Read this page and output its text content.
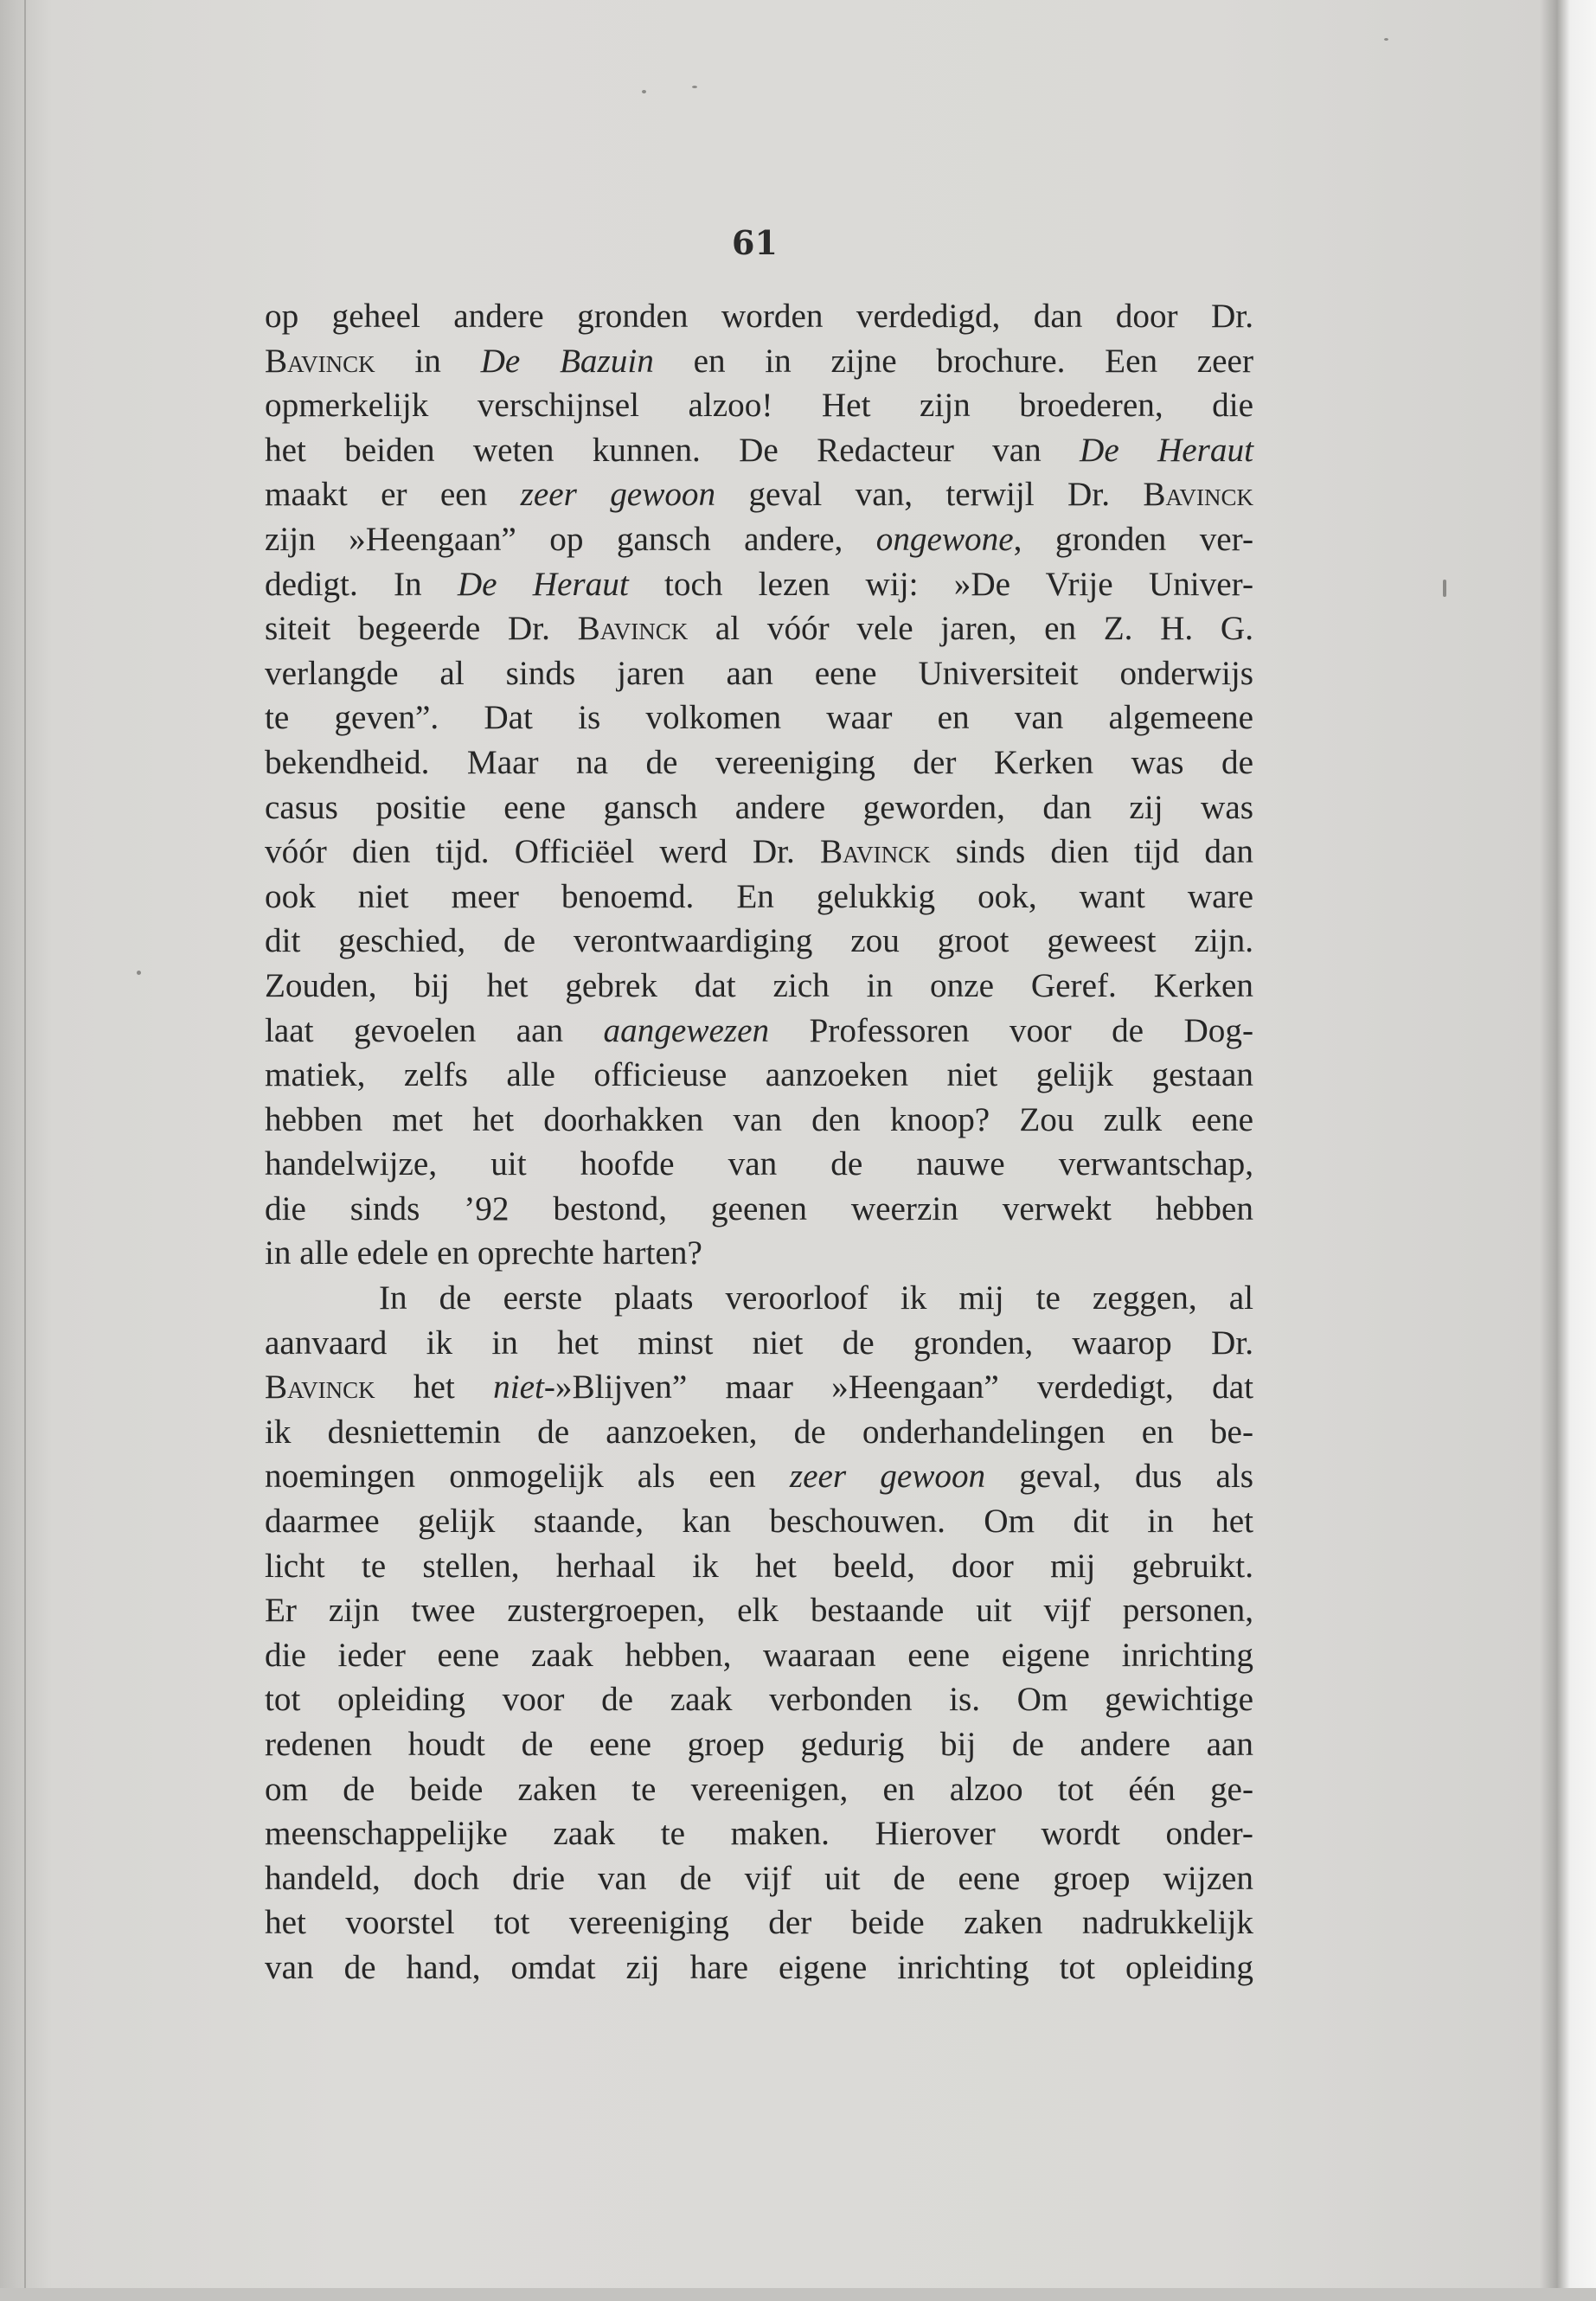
61
op geheel andere gronden worden verdedigd, dan door Dr.
Bavinck in De Bazuin en in zijne brochure. Een zeer
opmerkelijk verschijnsel alzoo! Het zijn broederen, die
het beiden weten kunnen. De Redacteur van De Heraut
maakt er een zeer gewoon geval van, terwijl Dr. Bavinck
zijn »Heengaan” op gansch andere, ongewone, gronden ver-
dedigt. In De Heraut toch lezen wij: »De Vrije Univer-
siteit begeerde Dr. Bavinck al vóór vele jaren, en Z. H. G.
verlangde al sinds jaren aan eene Universiteit onderwijs
te geven”. Dat is volkomen waar en van algemeene
bekendheid. Maar na de vereeniging der Kerken was de
casus positie eene gansch andere geworden, dan zij was
vóór dien tijd. Officiëel werd Dr. Bavinck sinds dien tijd dan
ook niet meer benoemd. En gelukkig ook, want ware
dit geschied, de verontwaardiging zou groot geweest zijn.
Zouden, bij het gebrek dat zich in onze Geref. Kerken
laat gevoelen aan aangewezen Professoren voor de Dog-
matiek, zelfs alle officieuse aanzoeken niet gelijk gestaan
hebben met het doorhakken van den knoop? Zou zulk eene
handelwijze, uit hoofde van de nauwe verwantschap,
die sinds ’92 bestond, geenen weerzin verwekt hebben
in alle edele en oprechte harten?
In de eerste plaats veroorloof ik mij te zeggen, al
aanvaard ik in het minst niet de gronden, waarop Dr.
Bavinck het niet-»Blijven” maar »Heengaan” verdedigt, dat
ik desniettemin de aanzoeken, de onderhandelingen en be-
noemingen onmogelijk als een zeer gewoon geval, dus als
daarmee gelijk staande, kan beschouwen. Om dit in het
licht te stellen, herhaal ik het beeld, door mij gebruikt.
Er zijn twee zustergroepen, elk bestaande uit vijf personen,
die ieder eene zaak hebben, waaraan eene eigene inrichting
tot opleiding voor de zaak verbonden is. Om gewichtige
redenen houdt de eene groep gedurig bij de andere aan
om de beide zaken te vereenigen, en alzoo tot één ge-
meenschappelijke zaak te maken. Hierover wordt onder-
handeld, doch drie van de vijf uit de eene groep wijzen
het voorstel tot vereeniging der beide zaken nadrukkelijk
van de hand, omdat zij hare eigene inrichting tot opleiding
